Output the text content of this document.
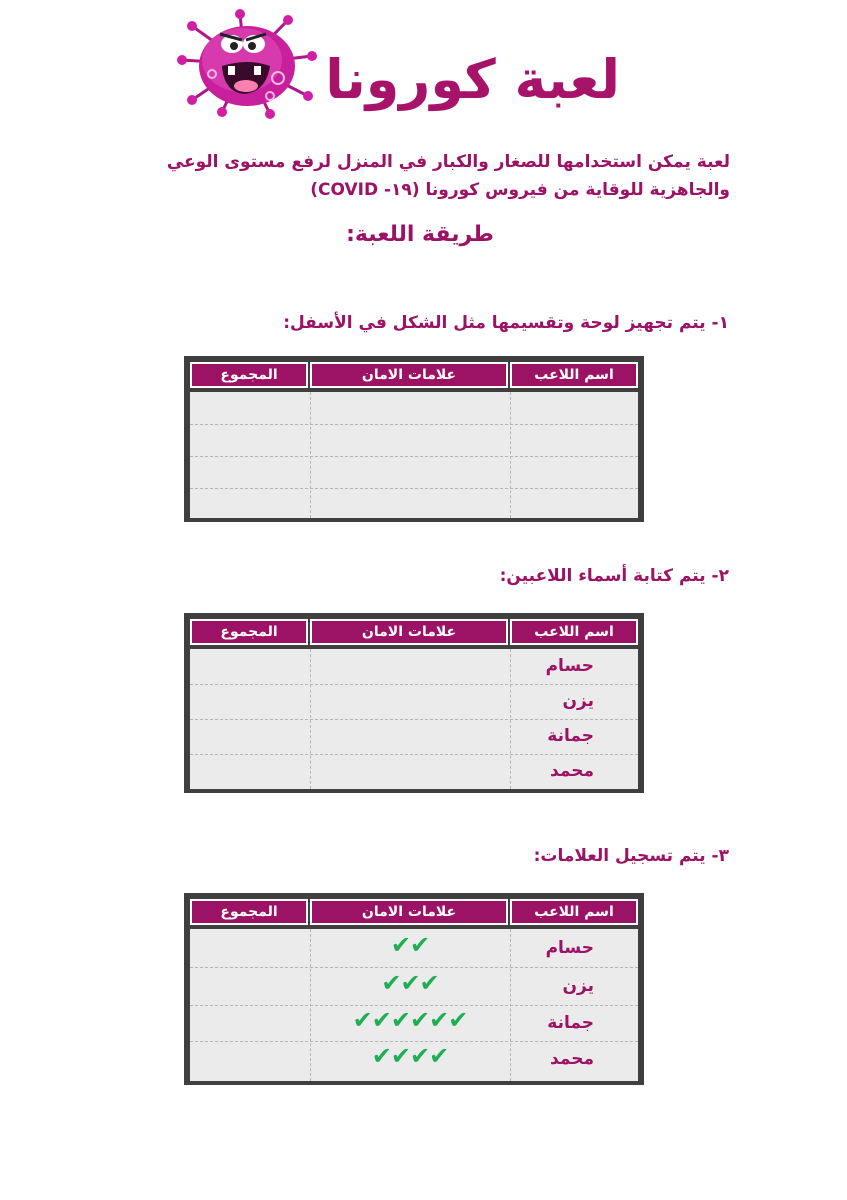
لعبة كورونا
لعبة يمكن استخدامها للصغار والكبار في المنزل لرفع مستوى الوعي
والجاهزية للوقاية من فيروس كورونا (١٩- COVID)
طريقة اللعبة:
١- يتم تجهيز لوحة وتقسيمها مثل الشكل في الأسفل:
اسم اللاعب
علامات الامان
المجموع
٢- يتم كتابة أسماء اللاعبين:
اسم اللاعب
علامات الامان
المجموع
حسام
يزن
جمانة
محمد
٣- يتم تسجيل العلامات:
اسم اللاعب
علامات الامان
المجموع
حسام
يزن
جمانة
محمد
✔✔
✔✔✔
✔✔✔✔✔✔
✔✔✔✔
